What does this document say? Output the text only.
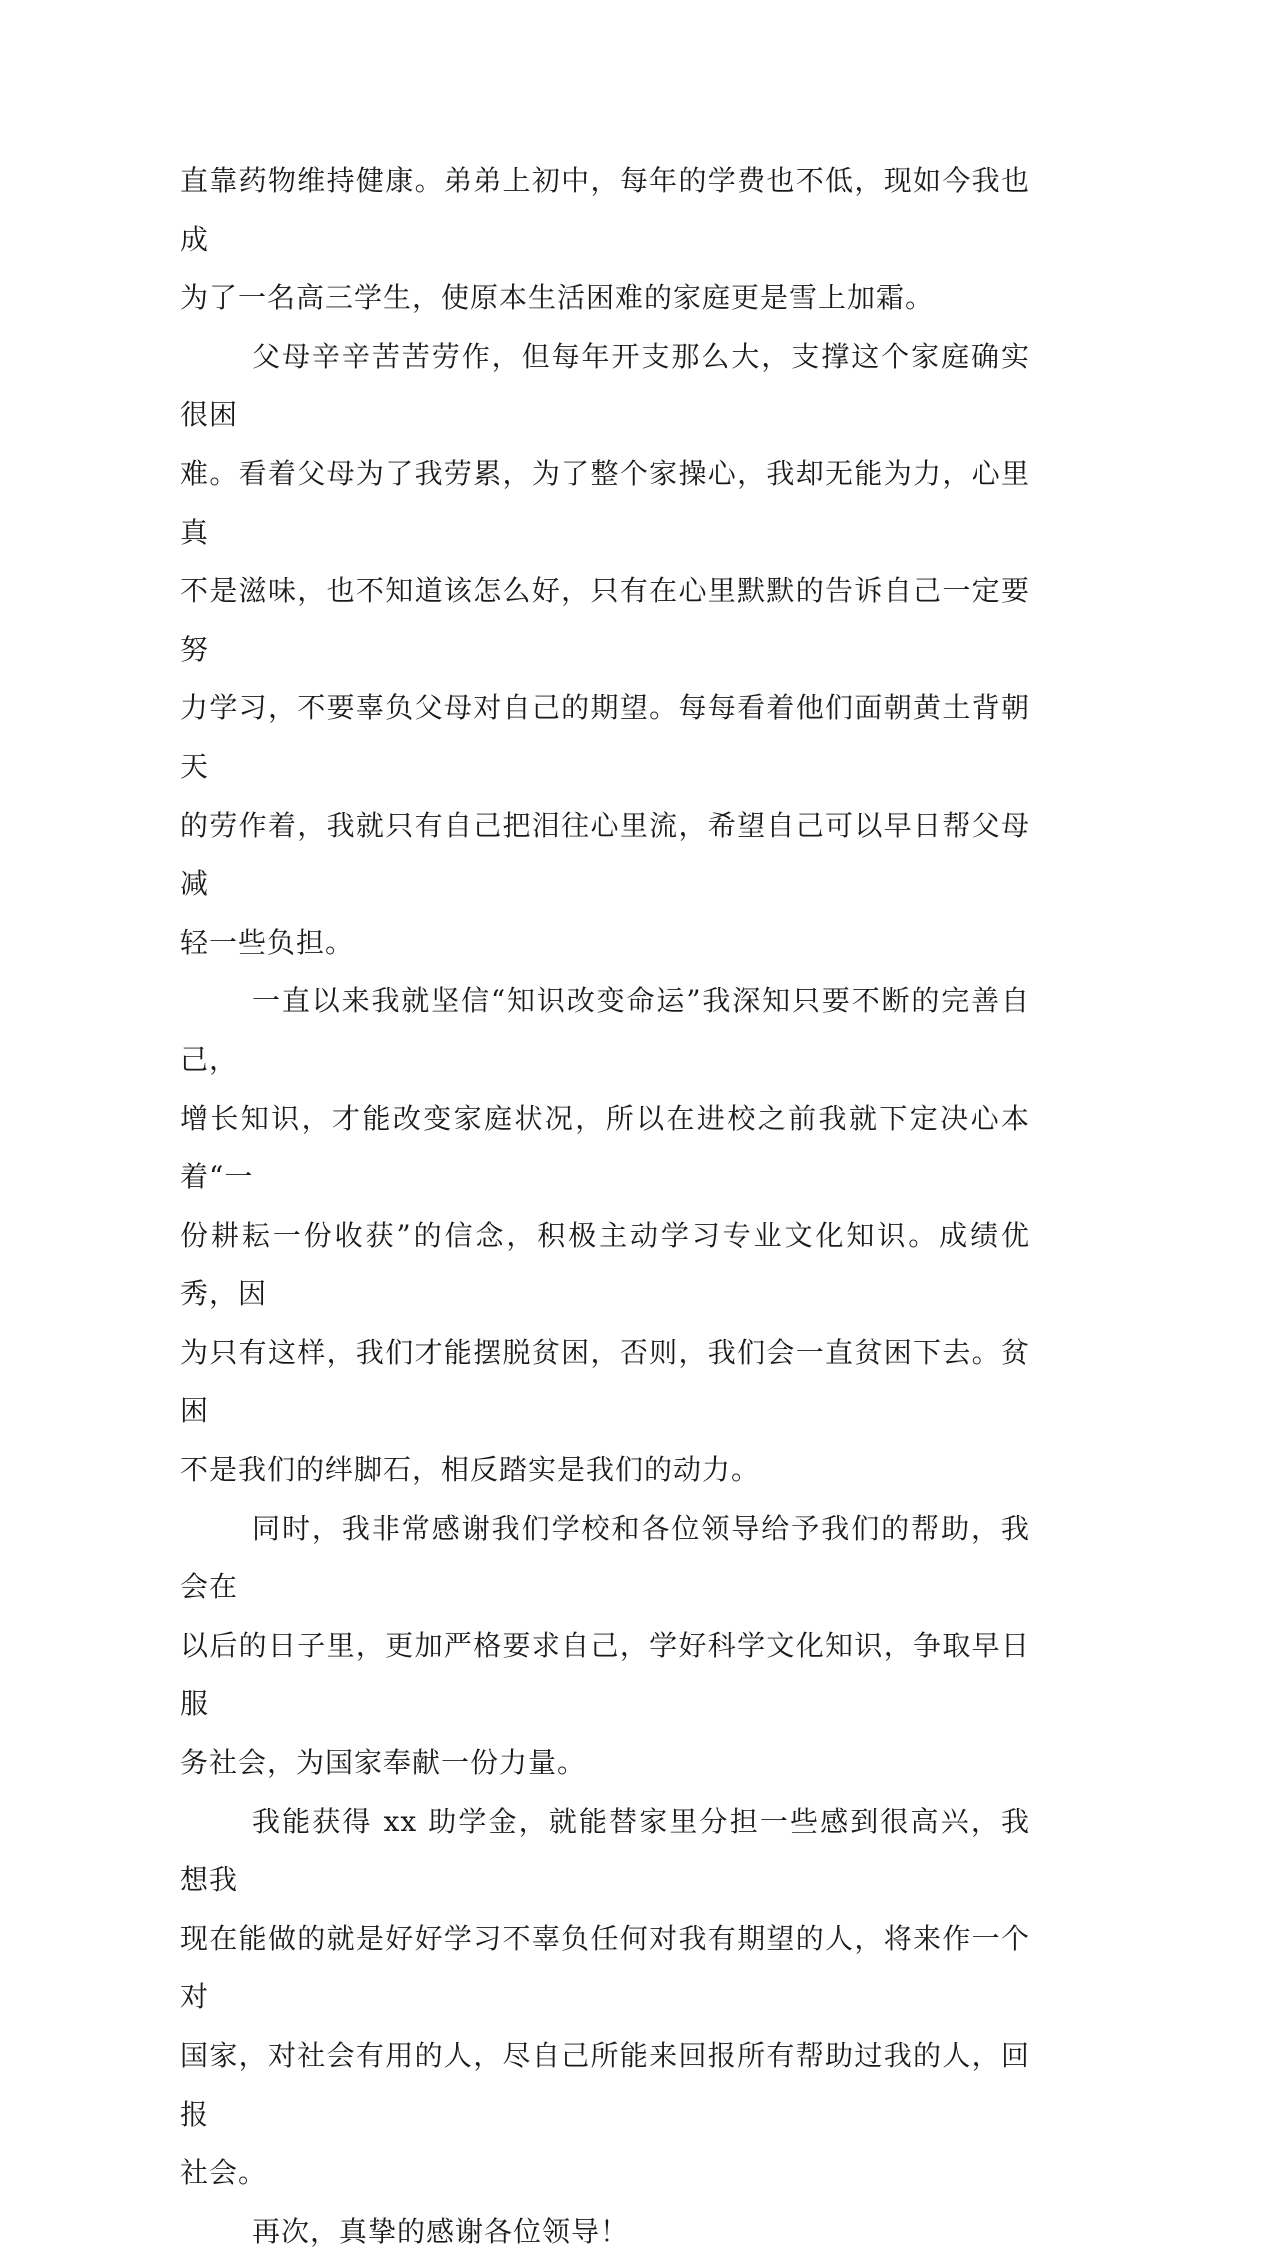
直靠药物维持健康。弟弟上初中，每年的学费也不低，现如今我也成
为了一名高三学生，使原本生活困难的家庭更是雪上加霜。
父母辛辛苦苦劳作，但每年开支那么大，支撑这个家庭确实很困
难。看着父母为了我劳累，为了整个家操心，我却无能为力，心里真
不是滋味，也不知道该怎么好，只有在心里默默的告诉自己一定要努
力学习，不要辜负父母对自己的期望。每每看着他们面朝黄土背朝天
的劳作着，我就只有自己把泪往心里流，希望自己可以早日帮父母减
轻一些负担。
一直以来我就坚信“知识改变命运”我深知只要不断的完善自己，
增长知识，才能改变家庭状况，所以在进校之前我就下定决心本着“一
份耕耘一份收获”的信念，积极主动学习专业文化知识。成绩优秀，因
为只有这样，我们才能摆脱贫困，否则，我们会一直贫困下去。贫困
不是我们的绊脚石，相反踏实是我们的动力。
同时，我非常感谢我们学校和各位领导给予我们的帮助，我会在
以后的日子里，更加严格要求自己，学好科学文化知识，争取早日服
务社会，为国家奉献一份力量。
我能获得 xx 助学金，就能替家里分担一些感到很高兴，我想我
现在能做的就是好好学习不辜负任何对我有期望的人，将来作一个对
国家，对社会有用的人，尽自己所能来回报所有帮助过我的人，回报
社会。
再次，真挚的感谢各位领导！
